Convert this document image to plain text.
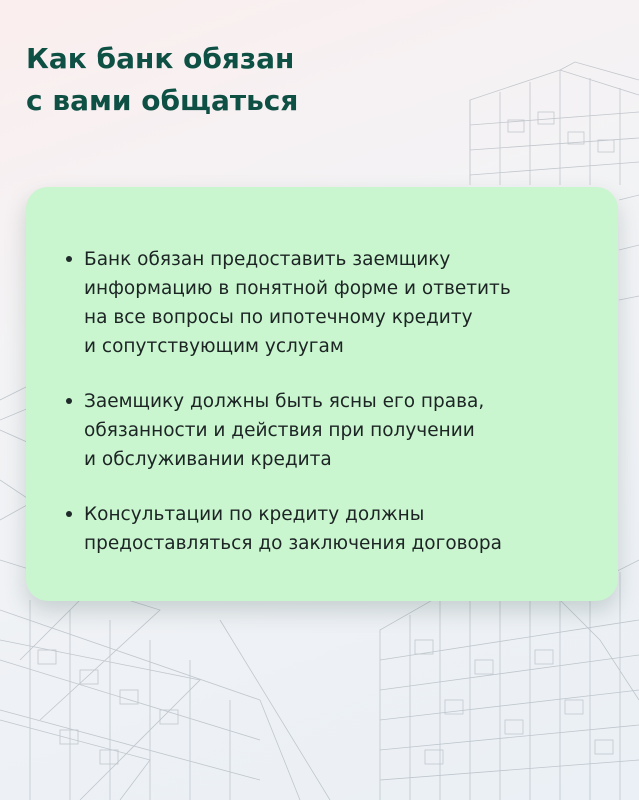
Как банк обязан
с вами общаться
Банк обязан предоставить заемщику
информацию в понятной форме и ответить
на все вопросы по ипотечному кредиту
и сопутствующим услугам
Заемщику должны быть ясны его права,
обязанности и действия при получении
и обслуживании кредита
Консультации по кредиту должны
предоставляться до заключения договора
